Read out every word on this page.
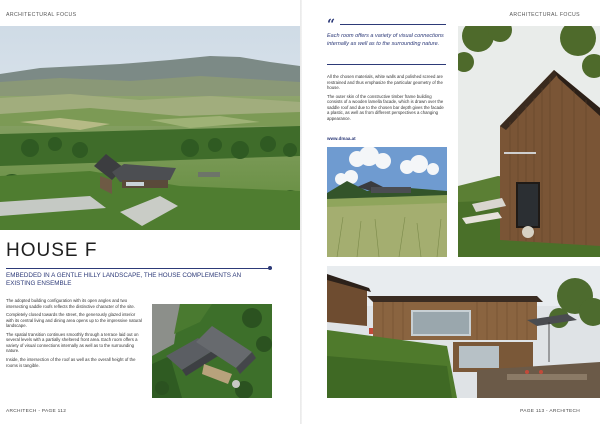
ARCHITECTURAL FOCUS
HOUSE F
EMBEDDED IN A GENTLE HILLY LANDSCAPE, THE HOUSE COMPLEMENTS AN EXISTING ENSEMBLE

The adopted building configuration with its open angles and two intersecting saddle roofs reflects the distinctive character of the site.

Completely closed towards the street, the generously glazed interior with its central living and dining area opens up to the impressive natural landscape.

The spatial transition continues smoothly through a terrace laid out on several levels with a partially sheltered front area. Each room offers a variety of visual connections internally as well as to the surrounding nature.

Inside, the intersection of the roof as well as the overall height of the rooms is tangible.

ARCHITECH - PAGE 112
ARCHITECTURAL FOCUS
PAGE 113 - ARCHITECH
“
Each room offers a variety of visual connections internally as well as to the surrounding nature.

All the chosen materials, white walls and polished screed are restrained and thus emphasize the particular geometry of the house.

The outer skin of the constructive timber frame building consists of a wooden lamella facade, which is drawn over the saddle roof and due to the chosen bar depth gives the facade a plastic, as well as from different perspectives a changing appearance.

www.dmaa.at
